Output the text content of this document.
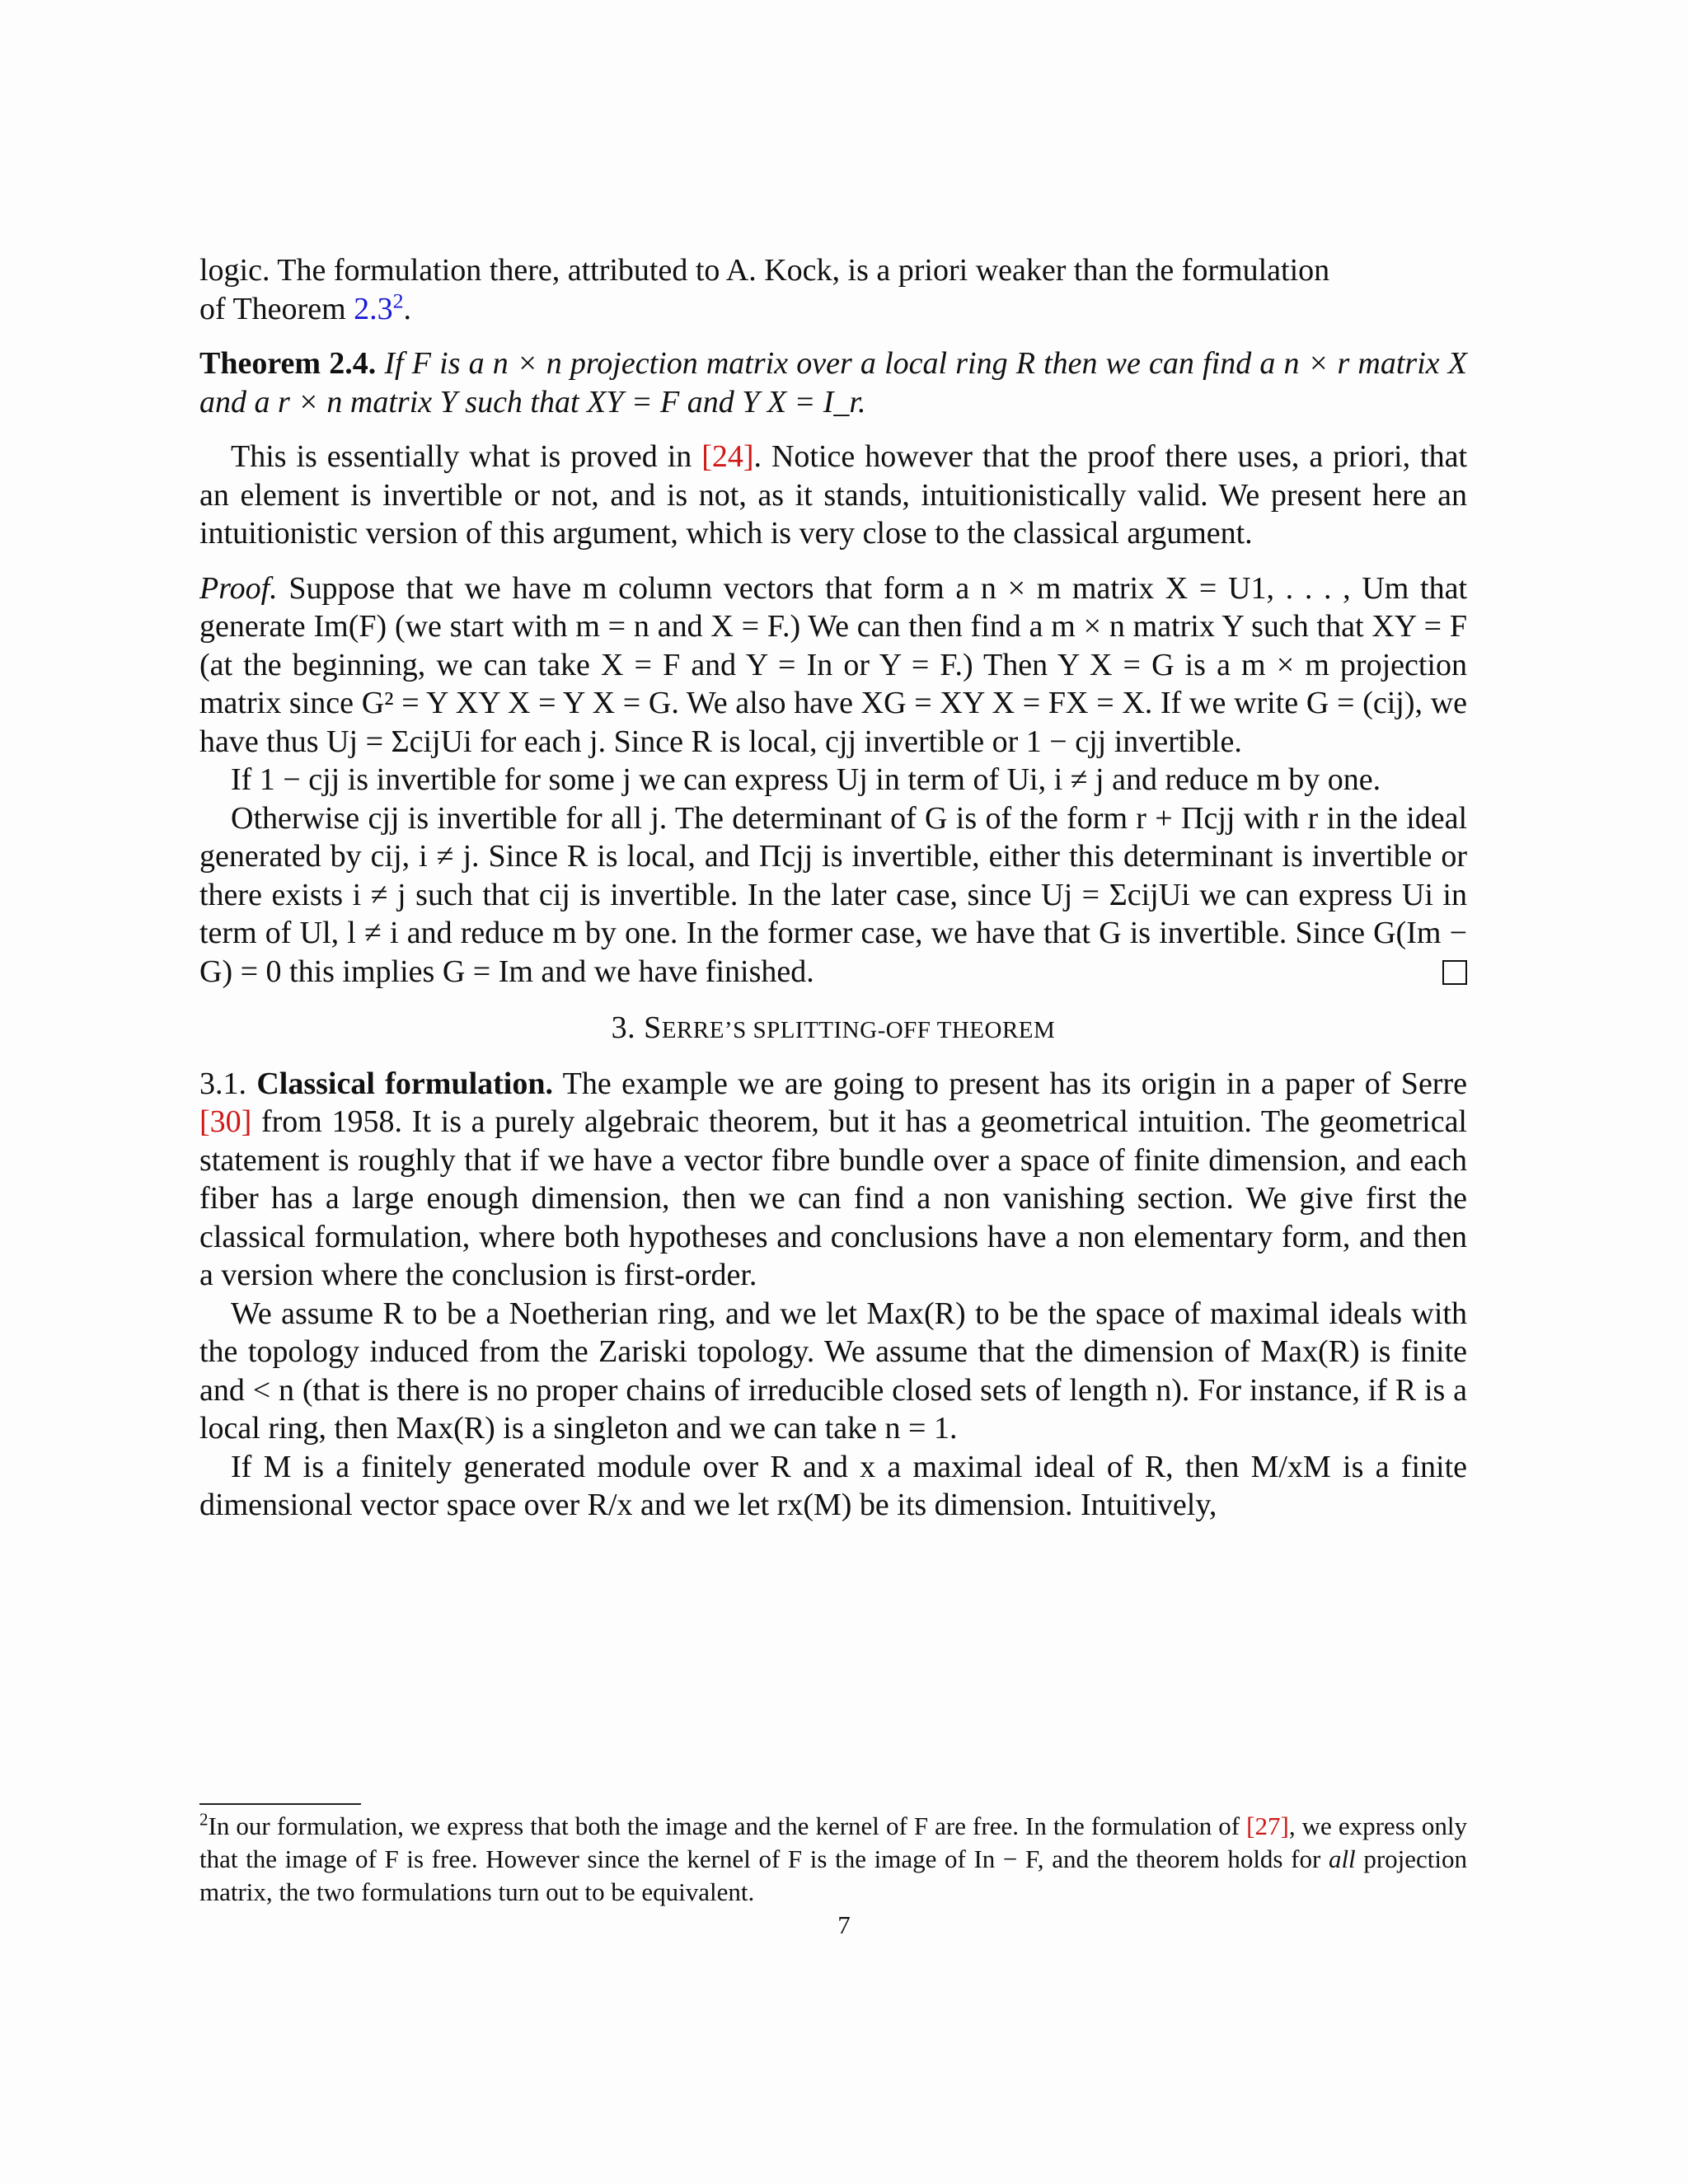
logic. The formulation there, attributed to A. Kock, is a priori weaker than the formulation
of Theorem $2.3^2$.

Theorem 2.4. If F is a n × n projection matrix over a local ring R then we can find a n × r matrix X and a r × n matrix Y such that XY = F and Y X = I_r.

This is essentially what is proved in [24]. Notice however that the proof there uses, a priori, that an element is invertible or not, and is not, as it stands, intuitionistically valid. We present here an intuitionistic version of this argument, which is very close to the classical argument.

Proof. Suppose that we have m column vectors that form a n × m matrix X = U1, . . . , Um that generate Im(F) (we start with m = n and X = F.) We can then find a m × n matrix Y such that XY = F (at the beginning, we can take X = F and Y = In or Y = F.) Then Y X = G is a m × m projection matrix since G² = Y XY X = Y X = G. We also have XG = XY X = FX = X. If we write G = (cij), we have thus Uj = ΣcijUi for each j. Since R is local, cjj invertible or 1 − cjj invertible.

If 1 − cjj is invertible for some j we can express Uj in term of Ui, i ≠ j and reduce m by one.

Otherwise cjj is invertible for all j. The determinant of G is of the form r + Πcjj with r in the ideal generated by cij, i ≠ j. Since R is local, and Πcjj is invertible, either this determinant is invertible or there exists i ≠ j such that cij is invertible. In the later case, since Uj = ΣcijUi we can express Ui in term of Ul, l ≠ i and reduce m by one. In the former case, we have that G is invertible. Since G(Im − G) = 0 this implies G = Im and we have finished.

3. SERRE’S SPLITTING-OFF THEOREM

3.1. Classical formulation. The example we are going to present has its origin in a paper of Serre [30] from 1958. It is a purely algebraic theorem, but it has a geometrical intuition. The geometrical statement is roughly that if we have a vector fibre bundle over a space of finite dimension, and each fiber has a large enough dimension, then we can find a non vanishing section. We give first the classical formulation, where both hypotheses and conclusions have a non elementary form, and then a version where the conclusion is first-order.

We assume R to be a Noetherian ring, and we let Max(R) to be the space of maximal ideals with the topology induced from the Zariski topology. We assume that the dimension of Max(R) is finite and < n (that is there is no proper chains of irreducible closed sets of length n). For instance, if R is a local ring, then Max(R) is a singleton and we can take n = 1.

If M is a finitely generated module over R and x a maximal ideal of R, then M/xM is a finite dimensional vector space over R/x and we let rx(M) be its dimension. Intuitively,

$^2$In our formulation, we express that both the image and the kernel of F are free. In the formulation of [27], we express only that the image of F is free. However since the kernel of F is the image of In − F, and the theorem holds for all projection matrix, the two formulations turn out to be equivalent.
7
